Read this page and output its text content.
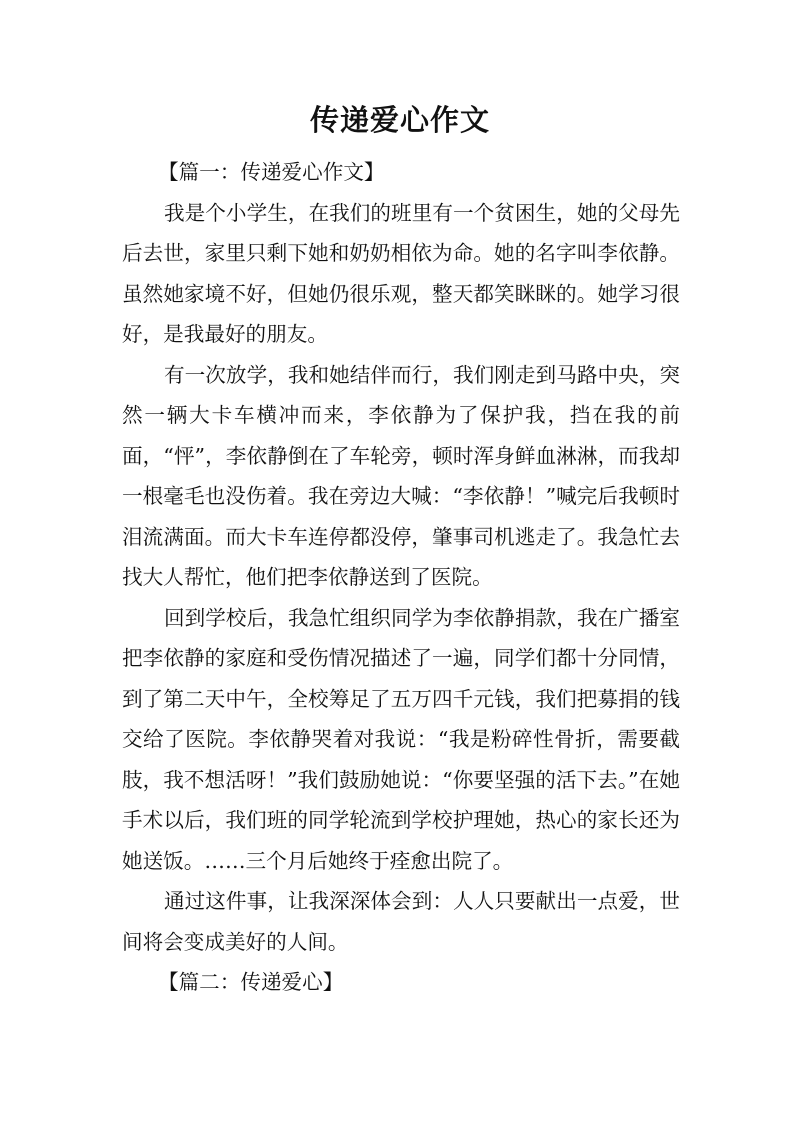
传递爱心作文

【篇一：传递爱心作文】

我是个小学生，在我们的班里有一个贫困生，她的父母先后去世，家里只剩下她和奶奶相依为命。她的名字叫李依静。虽然她家境不好，但她仍很乐观，整天都笑眯眯的。她学习很好，是我最好的朋友。

有一次放学，我和她结伴而行，我们刚走到马路中央，突然一辆大卡车横冲而来，李依静为了保护我，挡在我的前面，“怦”，李依静倒在了车轮旁，顿时浑身鲜血淋淋，而我却一根毫毛也没伤着。我在旁边大喊：“李依静！”喊完后我顿时泪流满面。而大卡车连停都没停，肇事司机逃走了。我急忙去找大人帮忙，他们把李依静送到了医院。

回到学校后，我急忙组织同学为李依静捐款，我在广播室把李依静的家庭和受伤情况描述了一遍，同学们都十分同情，到了第二天中午，全校筹足了五万四千元钱，我们把募捐的钱交给了医院。李依静哭着对我说：“我是粉碎性骨折，需要截肢，我不想活呀！”我们鼓励她说：“你要坚强的活下去。”在她手术以后，我们班的同学轮流到学校护理她，热心的家长还为她送饭。……三个月后她终于痊愈出院了。

通过这件事，让我深深体会到：人人只要献出一点爱，世间将会变成美好的人间。

【篇二：传递爱心】
